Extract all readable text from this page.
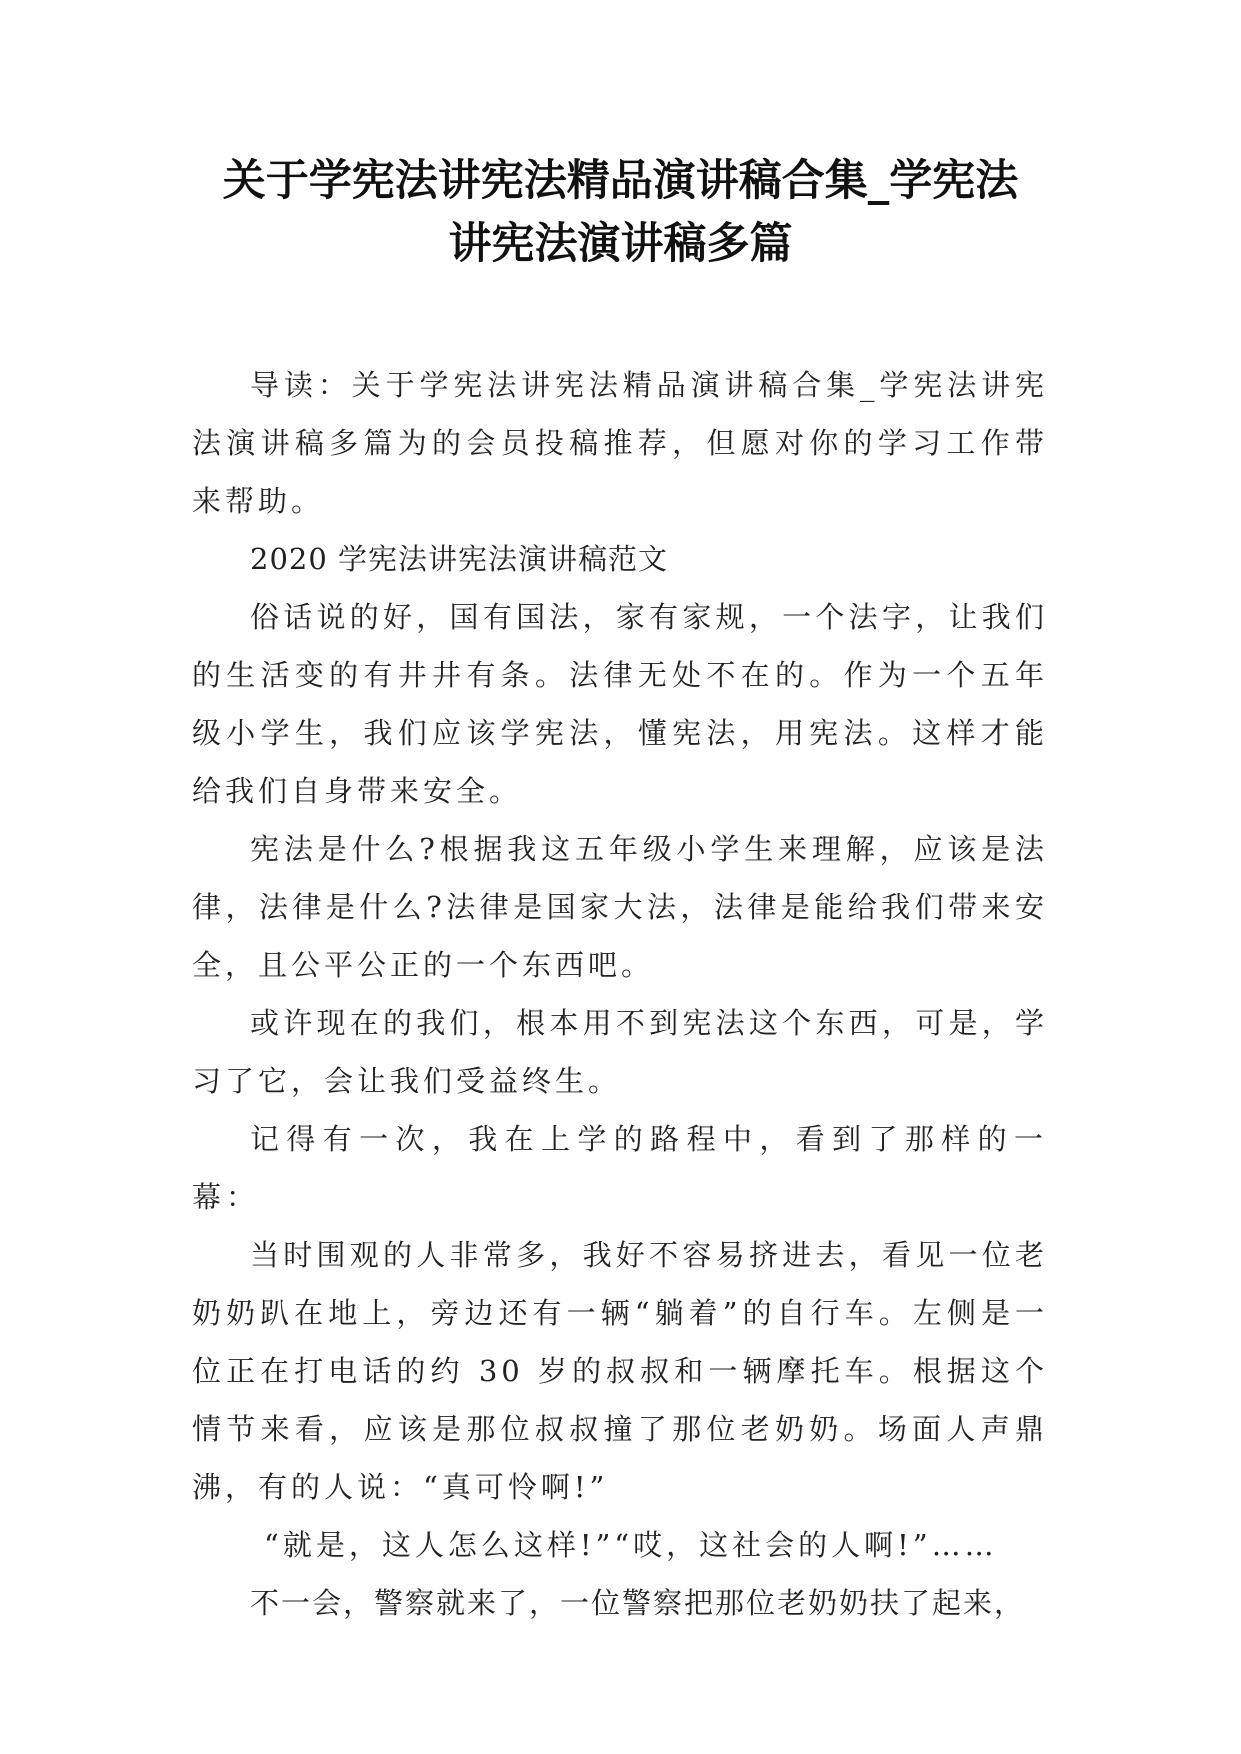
关于学宪法讲宪法精品演讲稿合集_学宪法
讲宪法演讲稿多篇

导读：关于学宪法讲宪法精品演讲稿合集_学宪法讲宪法演讲稿多篇为的会员投稿推荐，但愿对你的学习工作带来帮助。

2020 学宪法讲宪法演讲稿范文

俗话说的好，国有国法，家有家规，一个法字，让我们的生活变的有井井有条。法律无处不在的。作为一个五年级小学生，我们应该学宪法，懂宪法，用宪法。这样才能给我们自身带来安全。

宪法是什么?根据我这五年级小学生来理解，应该是法律，法律是什么?法律是国家大法，法律是能给我们带来安全，且公平公正的一个东西吧。

或许现在的我们，根本用不到宪法这个东西，可是，学习了它，会让我们受益终生。

记得有一次，我在上学的路程中，看到了那样的一幕：

当时围观的人非常多，我好不容易挤进去，看见一位老奶奶趴在地上，旁边还有一辆“躺着”的自行车。左侧是一位正在打电话的约 30 岁的叔叔和一辆摩托车。根据这个情节来看，应该是那位叔叔撞了那位老奶奶。场面人声鼎沸，有的人说：“真可怜啊!”

“就是，这人怎么这样!”“哎，这社会的人啊!”……

不一会，警察就来了，一位警察把那位老奶奶扶了起来，
